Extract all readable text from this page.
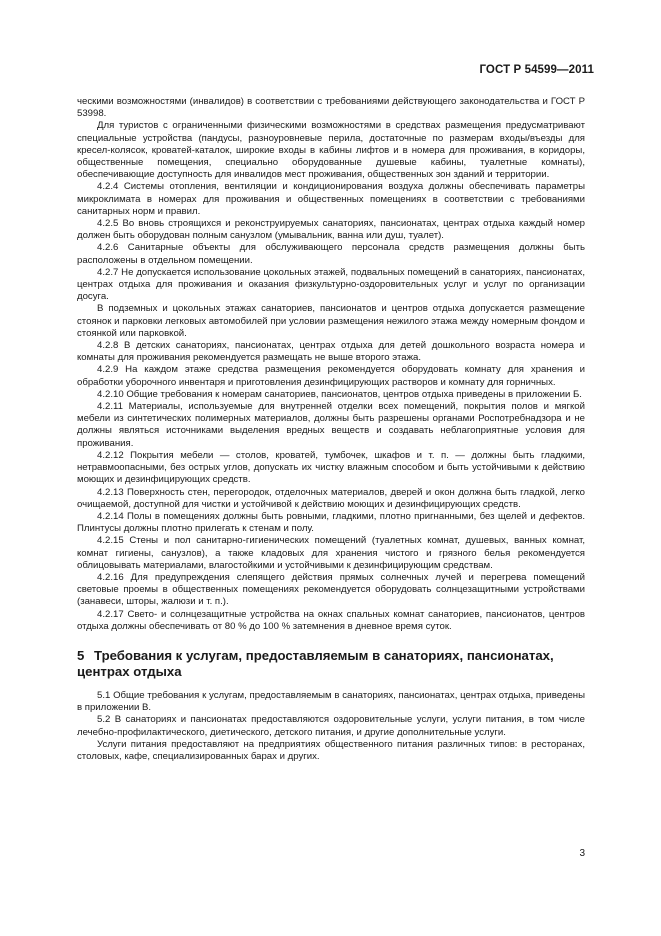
ГОСТ Р 54599—2011

ческими возможностями (инвалидов) в соответствии с требованиями действующего законодательства и ГОСТ Р 53998.

Для туристов с ограниченными физическими возможностями в средствах размещения предусматривают специальные устройства (пандусы, разноуровневые перила, достаточные по размерам входы/въезды для кресел-колясок, кроватей-каталок, широкие входы в кабины лифтов и в номера для проживания, в коридоры, общественные помещения, специально оборудованные душевые кабины, туалетные комнаты), обеспечивающие доступность для инвалидов мест проживания, общественных зон зданий и территории.

4.2.4 Системы отопления, вентиляции и кондиционирования воздуха должны обеспечивать параметры микроклимата в номерах для проживания и общественных помещениях в соответствии с требованиями санитарных норм и правил.

4.2.5 Во вновь строящихся и реконструируемых санаториях, пансионатах, центрах отдыха каждый номер должен быть оборудован полным санузлом (умывальник, ванна или душ, туалет).

4.2.6 Санитарные объекты для обслуживающего персонала средств размещения должны быть расположены в отдельном помещении.

4.2.7 Не допускается использование цокольных этажей, подвальных помещений в санаториях, пансионатах, центрах отдыха для проживания и оказания физкультурно-оздоровительных услуг и услуг по организации досуга.

В подземных и цокольных этажах санаториев, пансионатов и центров отдыха допускается размещение стоянок и парковки легковых автомобилей при условии размещения нежилого этажа между номерным фондом и стоянкой или парковкой.

4.2.8 В детских санаториях, пансионатах, центрах отдыха для детей дошкольного возраста номера и комнаты для проживания рекомендуется размещать не выше второго этажа.

4.2.9 На каждом этаже средства размещения рекомендуется оборудовать комнату для хранения и обработки уборочного инвентаря и приготовления дезинфицирующих растворов и комнату для горничных.

4.2.10 Общие требования к номерам санаториев, пансионатов, центров отдыха приведены в приложении Б.

4.2.11 Материалы, используемые для внутренней отделки всех помещений, покрытия полов и мягкой мебели из синтетических полимерных материалов, должны быть разрешены органами Роспотребнадзора и не должны являться источниками выделения вредных веществ и создавать неблагоприятные условия для проживания.

4.2.12 Покрытия мебели — столов, кроватей, тумбочек, шкафов и т. п. — должны быть гладкими, нетравмоопасными, без острых углов, допускать их чистку влажным способом и быть устойчивыми к действию моющих и дезинфицирующих средств.

4.2.13 Поверхность стен, перегородок, отделочных материалов, дверей и окон должна быть гладкой, легко очищаемой, доступной для чистки и устойчивой к действию моющих и дезинфицирующих средств.

4.2.14 Полы в помещениях должны быть ровными, гладкими, плотно пригнанными, без щелей и дефектов. Плинтусы должны плотно прилегать к стенам и полу.

4.2.15 Стены и пол санитарно-гигиенических помещений (туалетных комнат, душевых, ванных комнат, комнат гигиены, санузлов), а также кладовых для хранения чистого и грязного белья рекомендуется облицовывать материалами, влагостойкими и устойчивыми к дезинфицирующим средствам.

4.2.16 Для предупреждения слепящего действия прямых солнечных лучей и перегрева помещений световые проемы в общественных помещениях рекомендуется оборудовать солнцезащитными устройствами (занавеси, шторы, жалюзи и т. п.).

4.2.17 Свето- и солнцезащитные устройства на окнах спальных комнат санаториев, пансионатов, центров отдыха должны обеспечивать от 80 % до 100 % затемнения в дневное время суток.

5 Требования к услугам, предоставляемым в санаториях, пансионатах, центрах отдыха

5.1 Общие требования к услугам, предоставляемым в санаториях, пансионатах, центрах отдыха, приведены в приложении В.

5.2 В санаториях и пансионатах предоставляются оздоровительные услуги, услуги питания, в том числе лечебно-профилактического, диетического, детского питания, и другие дополнительные услуги.

Услуги питания предоставляют на предприятиях общественного питания различных типов: в ресторанах, столовых, кафе, специализированных барах и других.

3
